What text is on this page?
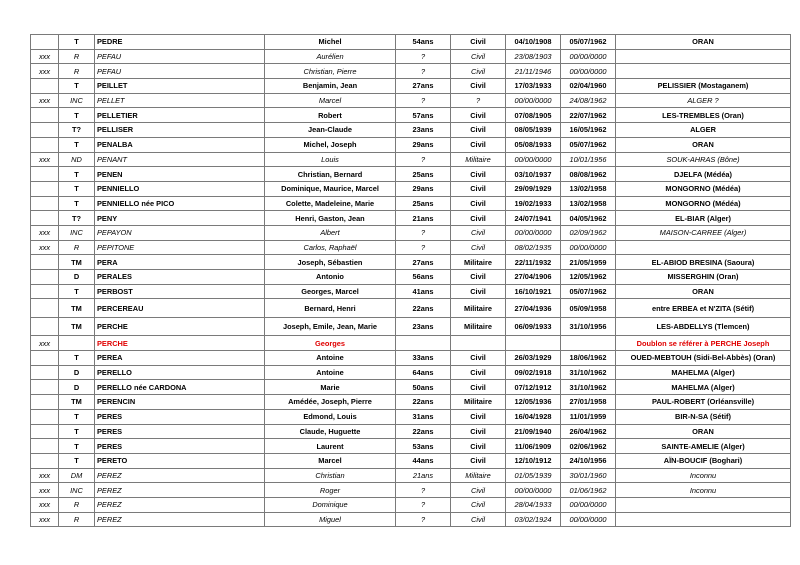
	T	PEDRE	Michel	54ans	Civil	04/10/1908	05/07/1962	ORAN
xxx	R	PEFAU	Aurélien	?	Civil	23/08/1903	00/00/0000	
xxx	R	PEFAU	Christian, Pierre	?	Civil	21/11/1946	00/00/0000	
	T	PEILLET	Benjamin, Jean	27ans	Civil	17/03/1933	02/04/1960	PELISSIER (Mostaganem)
xxx	INC	PELLET	Marcel	?	?	00/00/0000	24/08/1962	ALGER ?
	T	PELLETIER	Robert	57ans	Civil	07/08/1905	22/07/1962	LES-TREMBLES (Oran)
	T?	PELLISER	Jean-Claude	23ans	Civil	08/05/1939	16/05/1962	ALGER
	T	PENALBA	Michel, Joseph	29ans	Civil	05/08/1933	05/07/1962	ORAN
xxx	ND	PENANT	Louis	?	Militaire	00/00/0000	10/01/1956	SOUK-AHRAS (Bône)
	T	PENEN	Christian, Bernard	25ans	Civil	03/10/1937	08/08/1962	DJELFA (Médéa)
	T	PENNIELLO	Dominique, Maurice, Marcel	29ans	Civil	29/09/1929	13/02/1958	MONGORNO (Médéa)
	T	PENNIELLO née PICO	Colette, Madeleine, Marie	25ans	Civil	19/02/1933	13/02/1958	MONGORNO (Médéa)
	T?	PENY	Henri, Gaston, Jean	21ans	Civil	24/07/1941	04/05/1962	EL-BIAR (Alger)
xxx	INC	PEPAYON	Albert	?	Civil	00/00/0000	02/09/1962	MAISON-CARREE (Alger)
xxx	R	PEPITONE	Carlos, Raphaël	?	Civil	08/02/1935	00/00/0000	
	TM	PERA	Joseph, Sébastien	27ans	Militaire	22/11/1932	21/05/1959	EL-ABIOD BRESINA (Saoura)
	D	PERALES	Antonio	56ans	Civil	27/04/1906	12/05/1962	MISSERGHIN (Oran)
	T	PERBOST	Georges, Marcel	41ans	Civil	16/10/1921	05/07/1962	ORAN
	TM	PERCEREAU	Bernard, Henri	22ans	Militaire	27/04/1936	05/09/1958	entre ERBEA et N'ZITA (Sétif)
	TM	PERCHE	Joseph, Emile, Jean, Marie	23ans	Militaire	06/09/1933	31/10/1956	LES-ABDELLYS (Tlemcen)
xxx		PERCHE	Georges					Doublon se référer à PERCHE Joseph
	T	PEREA	Antoine	33ans	Civil	26/03/1929	18/06/1962	OUED-MEBTOUH (Sidi-Bel-Abbès) (Oran)
	D	PERELLO	Antoine	64ans	Civil	09/02/1918	31/10/1962	MAHELMA (Alger)
	D	PERELLO née CARDONA	Marie	50ans	Civil	07/12/1912	31/10/1962	MAHELMA (Alger)
	TM	PERENCIN	Amédée, Joseph, Pierre	22ans	Militaire	12/05/1936	27/01/1958	PAUL-ROBERT (Orléansville)
	T	PERES	Edmond, Louis	31ans	Civil	16/04/1928	11/01/1959	BIR-N-SA (Sétif)
	T	PERES	Claude, Huguette	22ans	Civil	21/09/1940	26/04/1962	ORAN
	T	PERES	Laurent	53ans	Civil	11/06/1909	02/06/1962	SAINTE-AMELIE (Alger)
	T	PERETO	Marcel	44ans	Civil	12/10/1912	24/10/1956	AÏN-BOUCIF (Boghari)
xxx	DM	PEREZ	Christian	21ans	Militaire	01/05/1939	30/01/1960	Inconnu
xxx	INC	PEREZ	Roger	?	Civil	00/00/0000	01/06/1962	Inconnu
xxx	R	PEREZ	Dominique	?	Civil	28/04/1933	00/00/0000	
xxx	R	PEREZ	Miguel	?	Civil	03/02/1924	00/00/0000	
